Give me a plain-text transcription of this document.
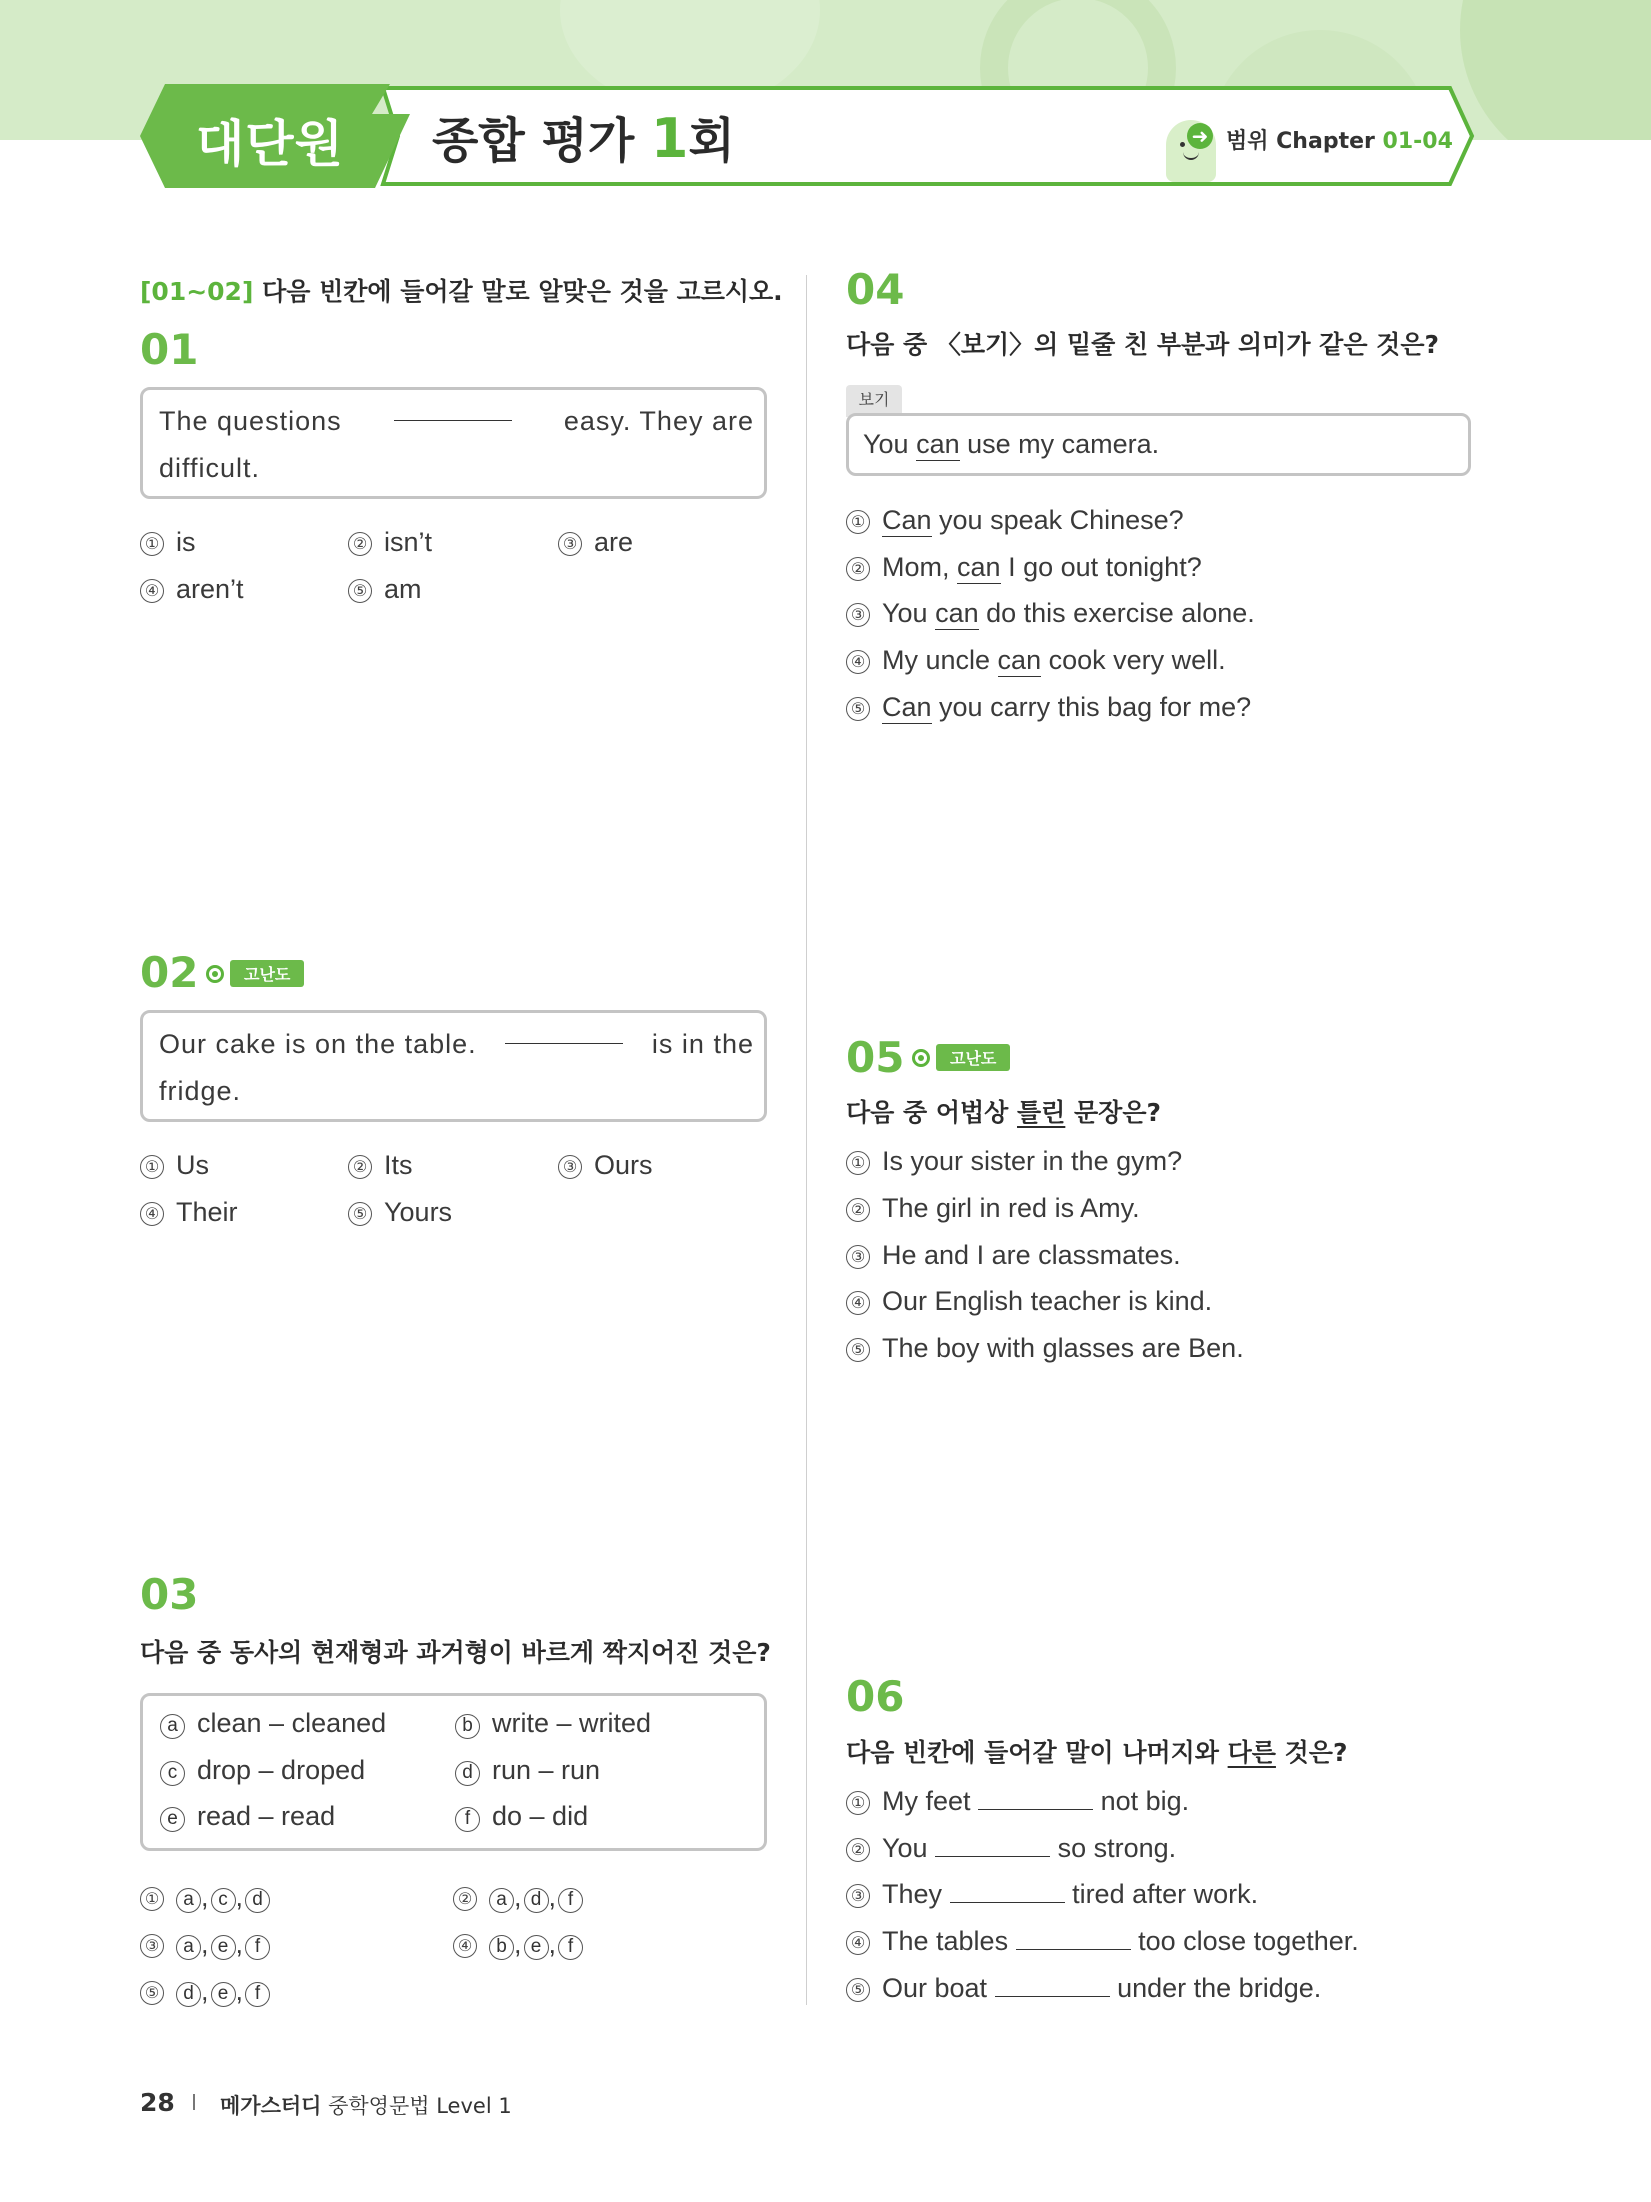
대단원 종합 평가 1회	➜ 범위 Chapter 01-04
[01~02] 다음 빈칸에 들어갈 말로 알맞은 것을 고르시오.
01
The questions	easy. They are
difficult.
① is	② isn’t	③ are
④ aren’t	⑤ am
02	고난도
Our cake is on the table.	is in the
fridge.
① Us	② Its	③ Ours
④ Their	⑤ Yours
03
다음 중 동사의 현재형과 과거형이 바르게 짝지어진 것은?
a clean – cleaned	b write – writed
c drop – droped	d run – run
e read – read	f do – did
① a , c , d	② a , d , f
③ a , e , f	④ b , e , f
⑤ d , e , f
04
다음 중 〈보기〉의 밑줄 친 부분과 의미가 같은 것은?
보기
You can use my camera.
① Can you speak Chinese?
② Mom, can I go out tonight?
③ You can do this exercise alone.
④ My uncle can cook very well.
⑤ Can you carry this bag for me?
05	고난도
다음 중 어법상 틀린 문장은?
① Is your sister in the gym?
② The girl in red is Amy.
③ He and I are classmates.
④ Our English teacher is kind.
⑤ The boy with glasses are Ben.
06
다음 빈칸에 들어갈 말이 나머지와 다른 것은?
① My feet	not big.
② You	so strong.
③ They	tired after work.
④ The tables	too close together.
⑤ Our boat	under the bridge.
28 메가스터디 중학영문법 Level 1
